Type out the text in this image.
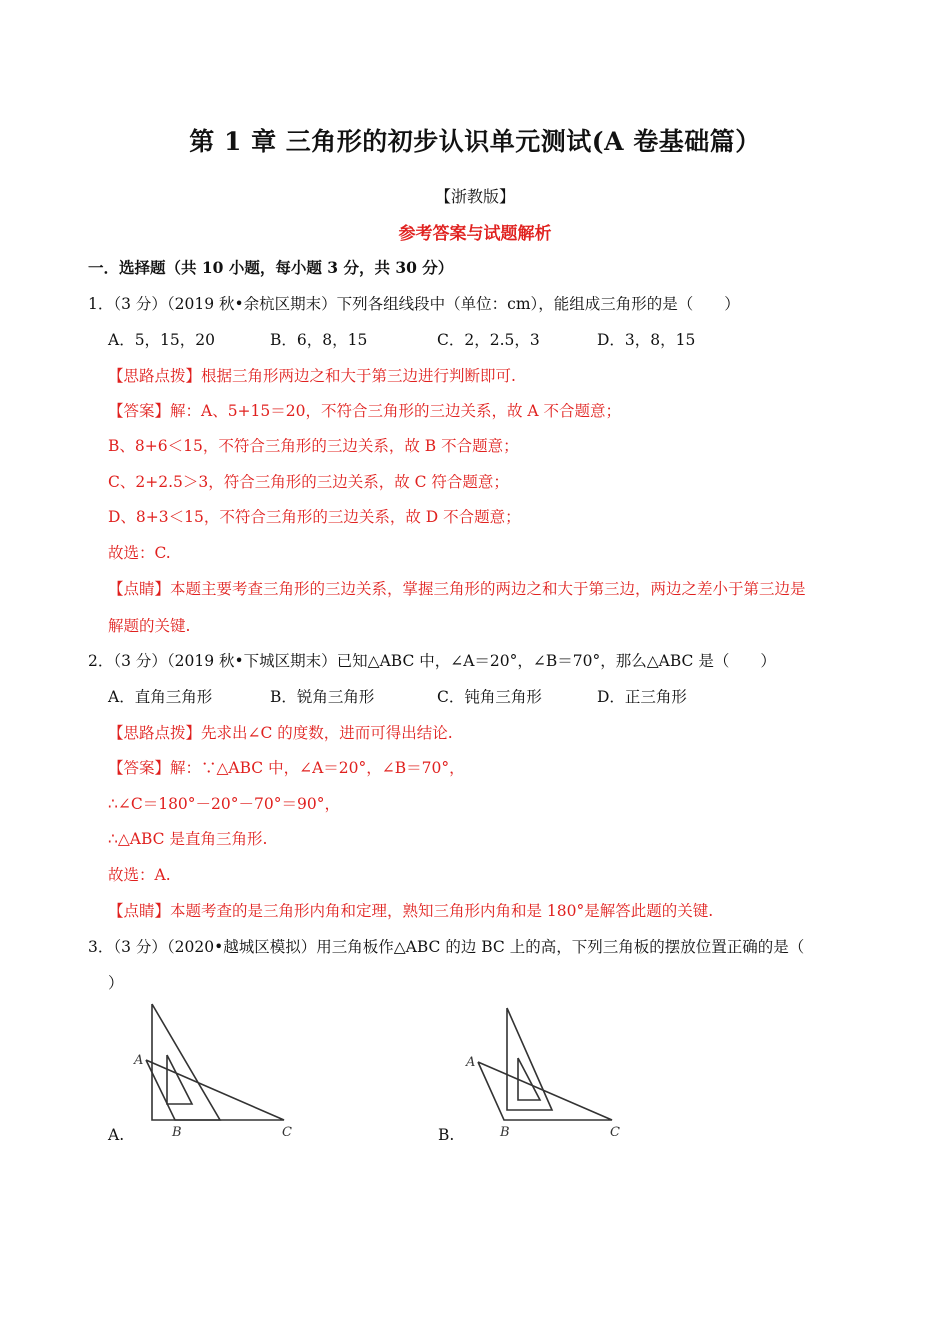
第 1 章 三角形的初步认识单元测试(A 卷基础篇）
【浙教版】
参考答案与试题解析
一．选择题（共 10 小题，每小题 3 分，共 30 分）
1．（3 分）（2019 秋•余杭区期末）下列各组线段中（单位：cm），能组成三角形的是（　　）
A．5，15，20	B．6，8，15	C．2，2.5，3	D．3，8，15
【思路点拨】根据三角形两边之和大于第三边进行判断即可.
【答案】解：A、5+15＝20，不符合三角形的三边关系，故 A 不合题意；
B、8+6＜15，不符合三角形的三边关系，故 B 不合题意；
C、2+2.5＞3，符合三角形的三边关系，故 C 符合题意；
D、8+3＜15，不符合三角形的三边关系，故 D 不合题意；
故选：C.
【点睛】本题主要考查三角形的三边关系，掌握三角形的两边之和大于第三边，两边之差小于第三边是
解题的关键.
2．（3 分）（2019 秋•下城区期末）已知△ABC 中，∠A＝20°，∠B＝70°，那么△ABC 是（　　）
A．直角三角形	B．锐角三角形	C．钝角三角形	D．正三角形
【思路点拨】先求出∠C 的度数，进而可得出结论.
【答案】解：∵△ABC 中，∠A＝20°，∠B＝70°，
∴∠C＝180°－20°－70°＝90°，
∴△ABC 是直角三角形.
故选：A.
【点睛】本题考查的是三角形内角和定理，熟知三角形内角和是 180°是解答此题的关键.
3．（3 分）（2020•越城区模拟）用三角板作△ABC 的边 BC 上的高，下列三角板的摆放位置正确的是（
）
A
B	C
A.
A
B	C
B.
